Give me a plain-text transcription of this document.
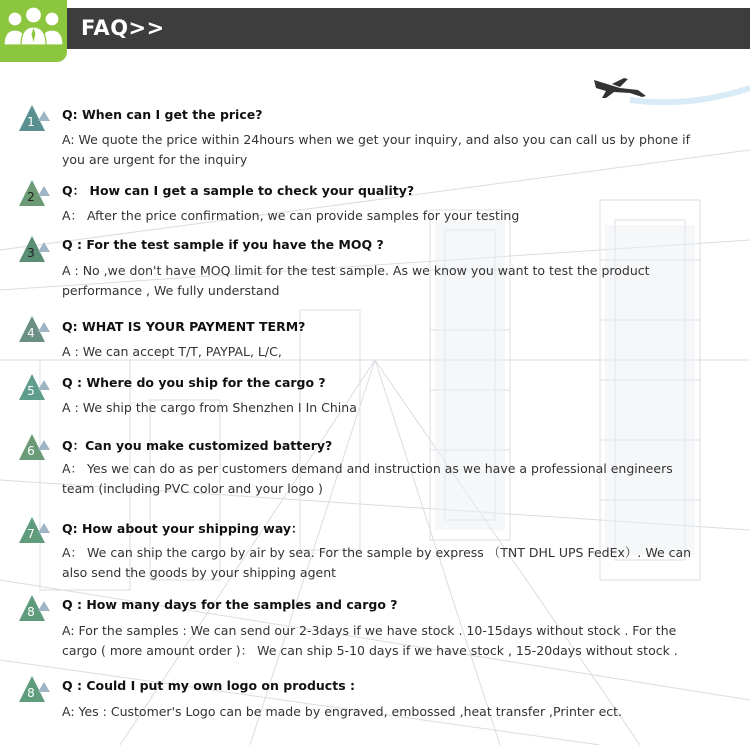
FAQ>>
1 Q: When can I get the price?
A: We quote the price within 24hours when we get your inquiry, and also you can call us by phone if you are urgent for the inquiry
2 Q： How can I get a sample to check your quality?
A： After the price confirmation, we can provide samples for your testing
3
Q : For the test sample if you have the MOQ ?
A : No ,we don't have MOQ limit for the test sample. As we know you want to test the product performance , We fully understand
4 Q: WHAT IS YOUR PAYMENT TERM?
A : We can accept T/T, PAYPAL, L/C,
5
Q : Where do you ship for the cargo ?
A : We ship the cargo from Shenzhen I In China
6 Q：Can you make customized battery?
A： Yes we can do as per customers demand and instruction as we have a professional engineers team (including PVC color and your logo )
7 Q: How about your shipping way：
A： We can ship the cargo by air by sea. For the sample by express （TNT DHL UPS FedEx）. We can also send the goods by your shipping agent
8 Q : How many days for the samples and cargo ?
A: For the samples : We can send our 2-3days if we have stock . 10-15days without stock . For the cargo ( more amount order )： We can ship 5-10 days if we have stock , 15-20days without stock .
8 Q : Could I put my own logo on products :
A: Yes : Customer's Logo can be made by engraved, embossed ,heat transfer ,Printer ect.
